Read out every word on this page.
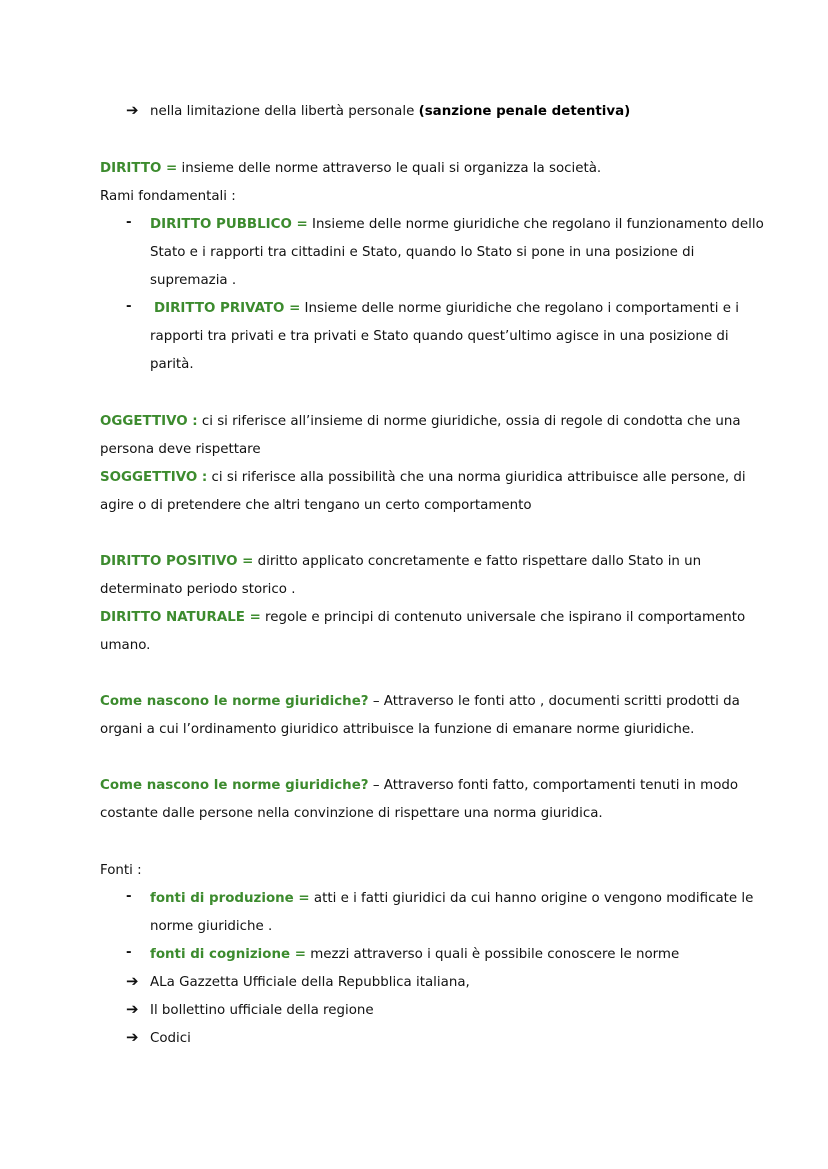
➔ nella limitazione della libertà personale (sanzione penale detentiva)
DIRITTO = insieme delle norme attraverso le quali si organizza la società.
Rami fondamentali :
-	DIRITTO PUBBLICO = Insieme delle norme giuridiche che regolano il funzionamento dello
Stato e i rapporti tra cittadini e Stato, quando lo Stato si pone in una posizione di
supremazia .
-	DIRITTO PRIVATO = Insieme delle norme giuridiche che regolano i comportamenti e i
rapporti tra privati e tra privati e Stato quando quest’ultimo agisce in una posizione di
parità.
OGGETTIVO : ci si riferisce all’insieme di norme giuridiche, ossia di regole di condotta che una
persona deve rispettare
SOGGETTIVO : ci si riferisce alla possibilità che una norma giuridica attribuisce alle persone, di
agire o di pretendere che altri tengano un certo comportamento
DIRITTO POSITIVO = diritto applicato concretamente e fatto rispettare dallo Stato in un
determinato periodo storico .
DIRITTO NATURALE = regole e principi di contenuto universale che ispirano il comportamento
umano.
Come nascono le norme giuridiche? – Attraverso le fonti atto , documenti scritti prodotti da
organi a cui l’ordinamento giuridico attribuisce la funzione di emanare norme giuridiche.
Come nascono le norme giuridiche? – Attraverso fonti fatto, comportamenti tenuti in modo
costante dalle persone nella convinzione di rispettare una norma giuridica.
Fonti :
-	fonti di produzione = atti e i fatti giuridici da cui hanno origine o vengono modificate le
norme giuridiche .
-	fonti di cognizione = mezzi attraverso i quali è possibile conoscere le norme
➔ ALa Gazzetta Ufficiale della Repubblica italiana,
➔ Il bollettino ufficiale della regione
➔ Codici
